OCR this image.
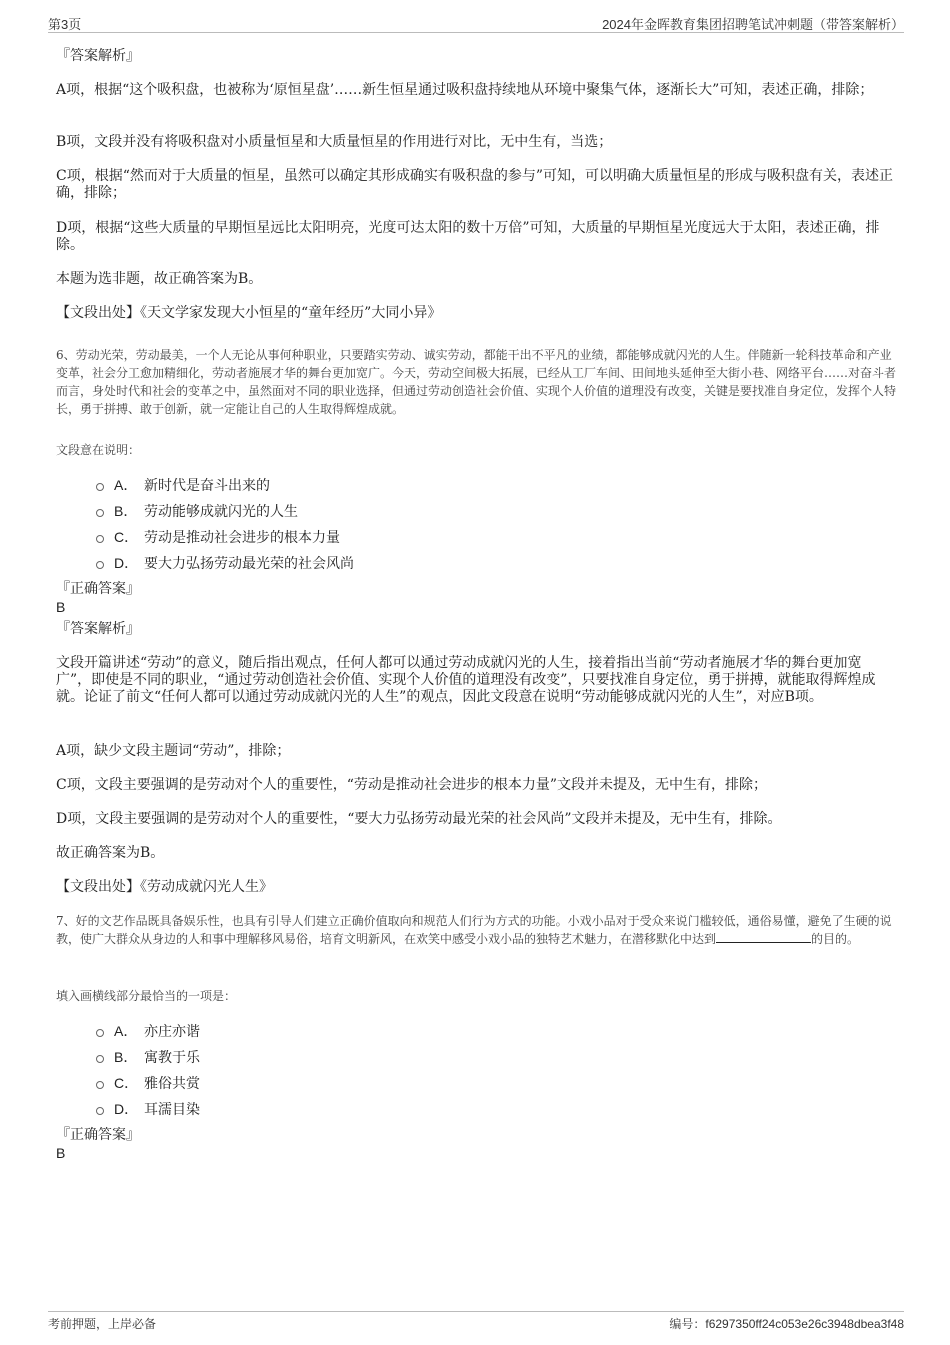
第3页	2024年金晖教育集团招聘笔试冲刺题（带答案解析）
『答案解析』
A项，根据“这个吸积盘，也被称为‘原恒星盘’……新生恒星通过吸积盘持续地从环境中聚集气体，逐渐长大”可知，表述正确，排除；
B项，文段并没有将吸积盘对小质量恒星和大质量恒星的作用进行对比，无中生有，当选；
C项，根据“然而对于大质量的恒星，虽然可以确定其形成确实有吸积盘的参与”可知，可以明确大质量恒星的形成与吸积盘有关，表述正确，排除；
D项，根据“这些大质量的早期恒星远比太阳明亮，光度可达太阳的数十万倍”可知，大质量的早期恒星光度远大于太阳，表述正确，排除。
本题为选非题，故正确答案为B。
【文段出处】《天文学家发现大小恒星的“童年经历”大同小异》
6、劳动光荣，劳动最美，一个人无论从事何种职业，只要踏实劳动、诚实劳动，都能干出不平凡的业绩，都能够成就闪光的人生。伴随新一轮科技革命和产业变革，社会分工愈加精细化，劳动者施展才华的舞台更加宽广。今天，劳动空间极大拓展，已经从工厂车间、田间地头延伸至大街小巷、网络平台……对奋斗者而言，身处时代和社会的变革之中，虽然面对不同的职业选择，但通过劳动创造社会价值、实现个人价值的道理没有改变，关键是要找准自身定位，发挥个人特长，勇于拼搏、敢于创新，就一定能让自己的人生取得辉煌成就。
文段意在说明：
A． 新时代是奋斗出来的
B． 劳动能够成就闪光的人生
C． 劳动是推动社会进步的根本力量
D． 要大力弘扬劳动最光荣的社会风尚
『正确答案』
B
『答案解析』
文段开篇讲述“劳动”的意义，随后指出观点，任何人都可以通过劳动成就闪光的人生，接着指出当前“劳动者施展才华的舞台更加宽广”，即使是不同的职业，“通过劳动创造社会价值、实现个人价值的道理没有改变”，只要找准自身定位，勇于拼搏，就能取得辉煌成就。论证了前文“任何人都可以通过劳动成就闪光的人生”的观点，因此文段意在说明“劳动能够成就闪光的人生”，对应B项。
A项，缺少文段主题词“劳动”，排除；
C项，文段主要强调的是劳动对个人的重要性，“劳动是推动社会进步的根本力量”文段并未提及，无中生有，排除；
D项，文段主要强调的是劳动对个人的重要性，“要大力弘扬劳动最光荣的社会风尚”文段并未提及，无中生有，排除。
故正确答案为B。
【文段出处】《劳动成就闪光人生》
7、好的文艺作品既具备娱乐性，也具有引导人们建立正确价值取向和规范人们行为方式的功能。小戏小品对于受众来说门槛较低，通俗易懂，避免了生硬的说教，使广大群众从身边的人和事中理解移风易俗，培育文明新风，在欢笑中感受小戏小品的独特艺术魅力，在潜移默化中达到	的目的。
填入画横线部分最恰当的一项是：
A． 亦庄亦谐
B． 寓教于乐
C． 雅俗共赏
D． 耳濡目染
『正确答案』
B
考前押题，上岸必备	编号：f6297350ff24c053e26c3948dbea3f48
